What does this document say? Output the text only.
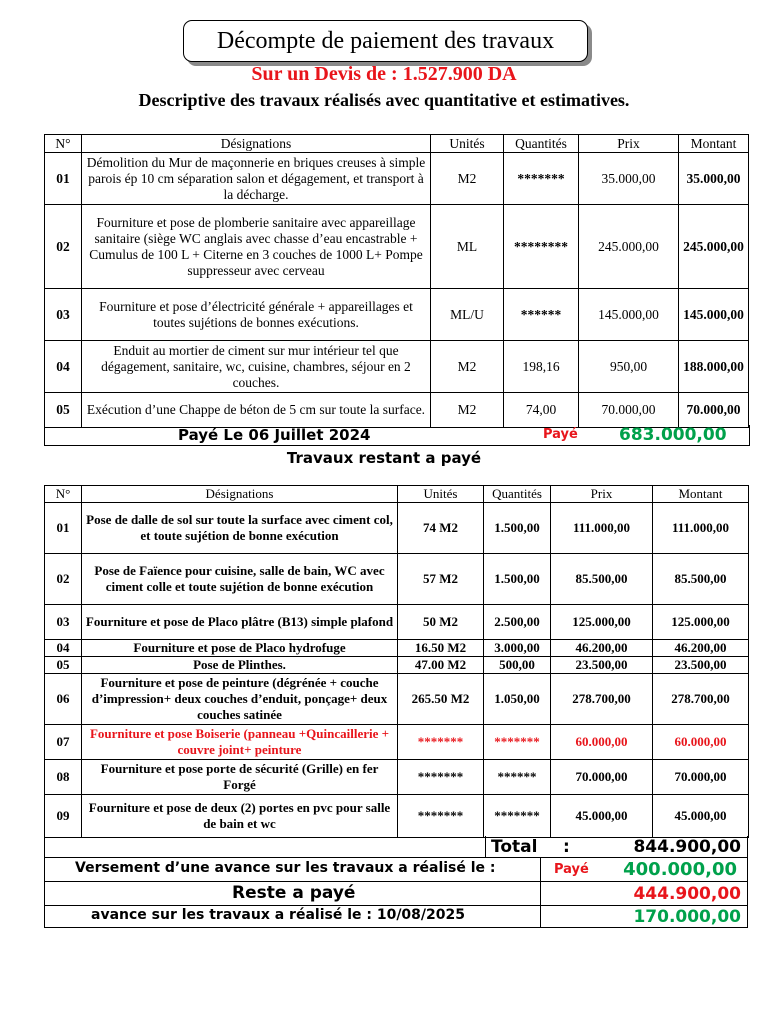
Décompte de paiement des travaux
Sur un Devis de : 1.527.900 DA
Descriptive des travaux réalisés avec quantitative et estimatives.
N°	Désignations	Unités	Quantités	Prix	Montant
01	Démolition du Mur de maçonnerie en briques creuses à simple parois ép 10 cm séparation salon et dégagement, et transport à la décharge.	M2	*******	35.000,00	35.000,00
02	Fourniture et pose de plomberie sanitaire avec appareillage sanitaire (siège WC anglais avec chasse d’eau encastrable + Cumulus de 100 L + Citerne en 3 couches de 1000 L+ Pompe suppresseur avec cerveau	ML	********	245.000,00	245.000,00
03	Fourniture et pose d’électricité générale + appareillages et toutes sujétions de bonnes exécutions.	ML/U	******	145.000,00	145.000,00
04	Enduit au mortier de ciment sur mur intérieur tel que dégagement, sanitaire, wc, cuisine, chambres, séjour en 2 couches.	M2	198,16	950,00	188.000,00
05	Exécution d’une Chappe de béton de 5 cm sur toute la surface.	M2	74,00	70.000,00	70.000,00
Payé Le 06 Juillet 2024	Payé 683.000,00
Travaux restant a payé
N°	Désignations	Unités	Quantités	Prix	Montant
01	Pose de dalle de sol sur toute la surface avec ciment col, et toute sujétion de bonne exécution	74 M2	1.500,00	111.000,00	111.000,00
02	Pose de Faïence pour cuisine, salle de bain, WC avec ciment colle et toute sujétion de bonne exécution	57 M2	1.500,00	85.500,00	85.500,00
03	Fourniture et pose de Placo plâtre (B13) simple plafond	50 M2	2.500,00	125.000,00	125.000,00
04	Fourniture et pose de Placo hydrofuge	16.50 M2	3.000,00	46.200,00	46.200,00
05	Pose de Plinthes.	47.00 M2	500,00	23.500,00	23.500,00
06	Fourniture et pose de peinture (dégrénée + couche d’impression+ deux couches d’enduit, ponçage+ deux couches satinée	265.50 M2	1.050,00	278.700,00	278.700,00
07	Fourniture et pose Boiserie (panneau +Quincaillerie + couvre joint+ peinture	*******	*******	60.000,00	60.000,00
08	Fourniture et pose porte de sécurité (Grille) en fer Forgé	*******	******	70.000,00	70.000,00
09	Fourniture et pose de deux (2) portes en pvc pour salle de bain et wc	*******	*******	45.000,00	45.000,00
Total :	844.900,00
Versement d’une avance sur les travaux a réalisé le :	Payé 400.000,00
Reste a payé	444.900,00
avance sur les travaux a réalisé le : 10/08/2025	170.000,00
